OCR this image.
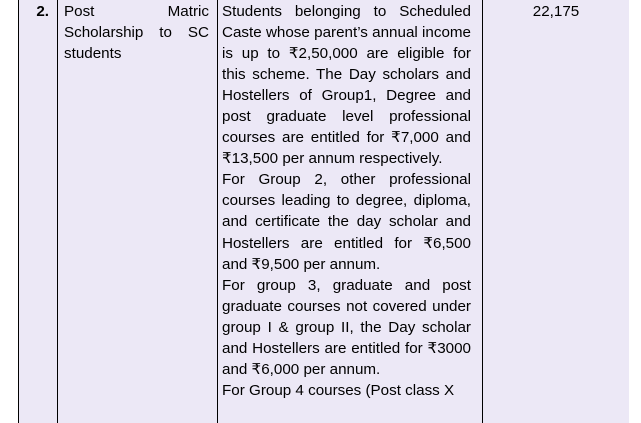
2. Post Matric Scholarship to SC students

Students belonging to Scheduled Caste whose parent’s annual income is up to ₹2,50,000 are eligible for this scheme. The Day scholars and Hostellers of Group1, Degree and post graduate level professional courses are entitled for ₹7,000 and ₹13,500 per annum respectively.

For Group 2, other professional courses leading to degree, diploma, and certificate the day scholar and Hostellers are entitled for ₹6,500 and ₹9,500 per annum.

For group 3, graduate and post graduate courses not covered under group I & group II, the Day scholar and Hostellers are entitled for ₹3000 and ₹6,000 per annum.

For Group 4 courses (Post class X

22,175
